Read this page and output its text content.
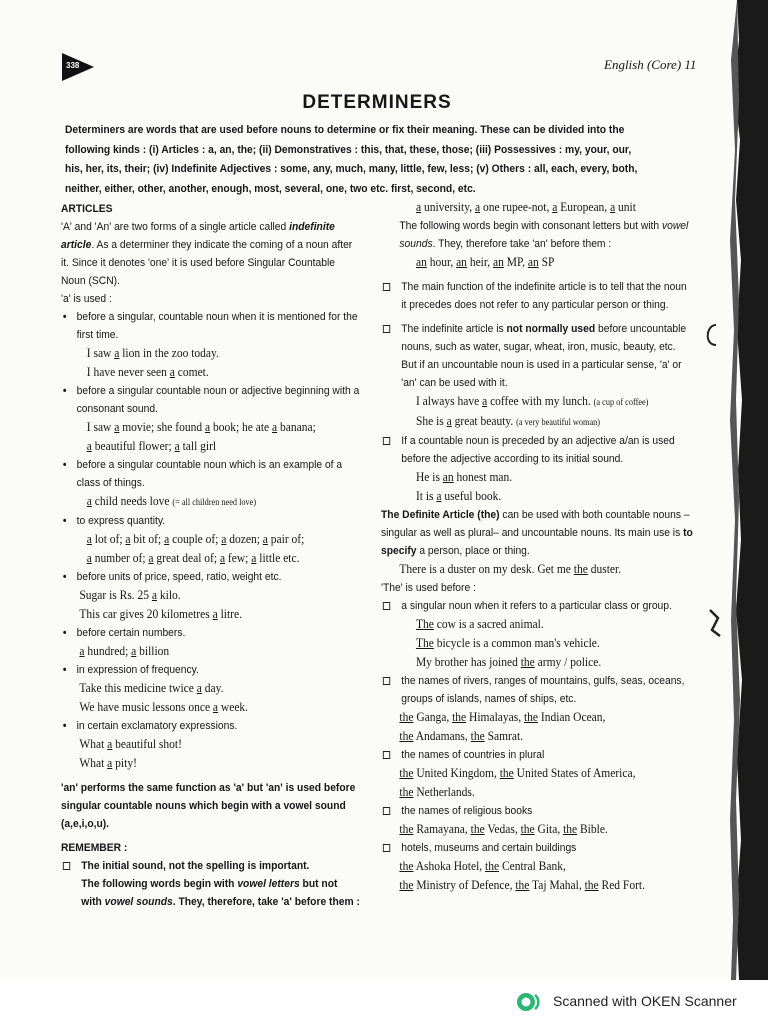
338	English (Core) 11
DETERMINERS

Determiners are words that are used before nouns to determine or fix their meaning. These can be divided into the following kinds : (i) Articles : a, an, the; (ii) Demonstratives : this, that, these, those; (iii) Possessives : my, your, our, his, her, its, their; (iv) Indefinite Adjectives : some, any, much, many, little, few, less; (v) Others : all, each, every, both, neither, either, other, another, enough, most, several, one, two etc. first, second, etc.

ARTICLES

'A' and 'An' are two forms of a single article called indefinite article. As a determiner they indicate the coming of a noun after it. Since it denotes 'one' it is used before Singular Countable Noun (SCN).

'a' is used :

• before a singular, countable noun when it is mentioned for the first time.

I saw a lion in the zoo today.

I have never seen a comet.

• before a singular countable noun or adjective beginning with a consonant sound.

I saw a movie; she found a book; he ate a banana;

a beautiful flower; a tall girl

• before a singular countable noun which is an example of a class of things.

a child needs love (= all children need love)

• to express quantity.

a lot of; a bit of; a couple of; a dozen; a pair of;

a number of; a great deal of; a few; a little etc.

• before units of price, speed, ratio, weight etc.

Sugar is Rs. 25 a kilo.

This car gives 20 kilometres a litre.

• before certain numbers.

a hundred; a billion

• in expression of frequency.

Take this medicine twice a day.

We have music lessons once a week.

• in certain exclamatory expressions.

What a beautiful shot!

What a pity!

'an' performs the same function as 'a' but 'an' is used before singular countable nouns which begin with a vowel sound (a,e,i,o,u).

REMEMBER :

The initial sound, not the spelling is important.
The following words begin with vowel letters but not with vowel sounds. They, therefore, take 'a' before them :

a university, a one rupee-not, a European, a unit

The following words begin with consonant letters but with vowel sounds. They, therefore take 'an' before them :

an hour, an heir, an MP, an SP

The main function of the indefinite article is to tell that the noun it precedes does not refer to any particular person or thing.

The indefinite article is not normally used before uncountable nouns, such as water, sugar, wheat, iron, music, beauty, etc. But if an uncountable noun is used in a particular sense, 'a' or 'an' can be used with it.

I always have a coffee with my lunch. (a cup of coffee)

She is a great beauty. (a very beautiful woman)

If a countable noun is preceded by an adjective a/an is used before the adjective according to its initial sound.

He is an honest man.

It is a useful book.

The Definite Article (the) can be used with both countable nouns – singular as well as plural– and uncountable nouns. Its main use is to specify a person, place or thing.

There is a duster on my desk. Get me the duster.

'The' is used before :

a singular noun when it refers to a particular class or group.

The cow is a sacred animal.

The bicycle is a common man's vehicle.

My brother has joined the army / police.

the names of rivers, ranges of mountains, gulfs, seas, oceans, groups of islands, names of ships, etc.

the Ganga, the Himalayas, the Indian Ocean,

the Andamans, the Samrat.

the names of countries in plural

the United Kingdom, the United States of America,

the Netherlands.

the names of religious books

the Ramayana, the Vedas, the Gita, the Bible.

hotels, museums and certain buildings

the Ashoka Hotel, the Central Bank,

the Ministry of Defence, the Taj Mahal, the Red Fort.

Scanned with OKEN Scanner
